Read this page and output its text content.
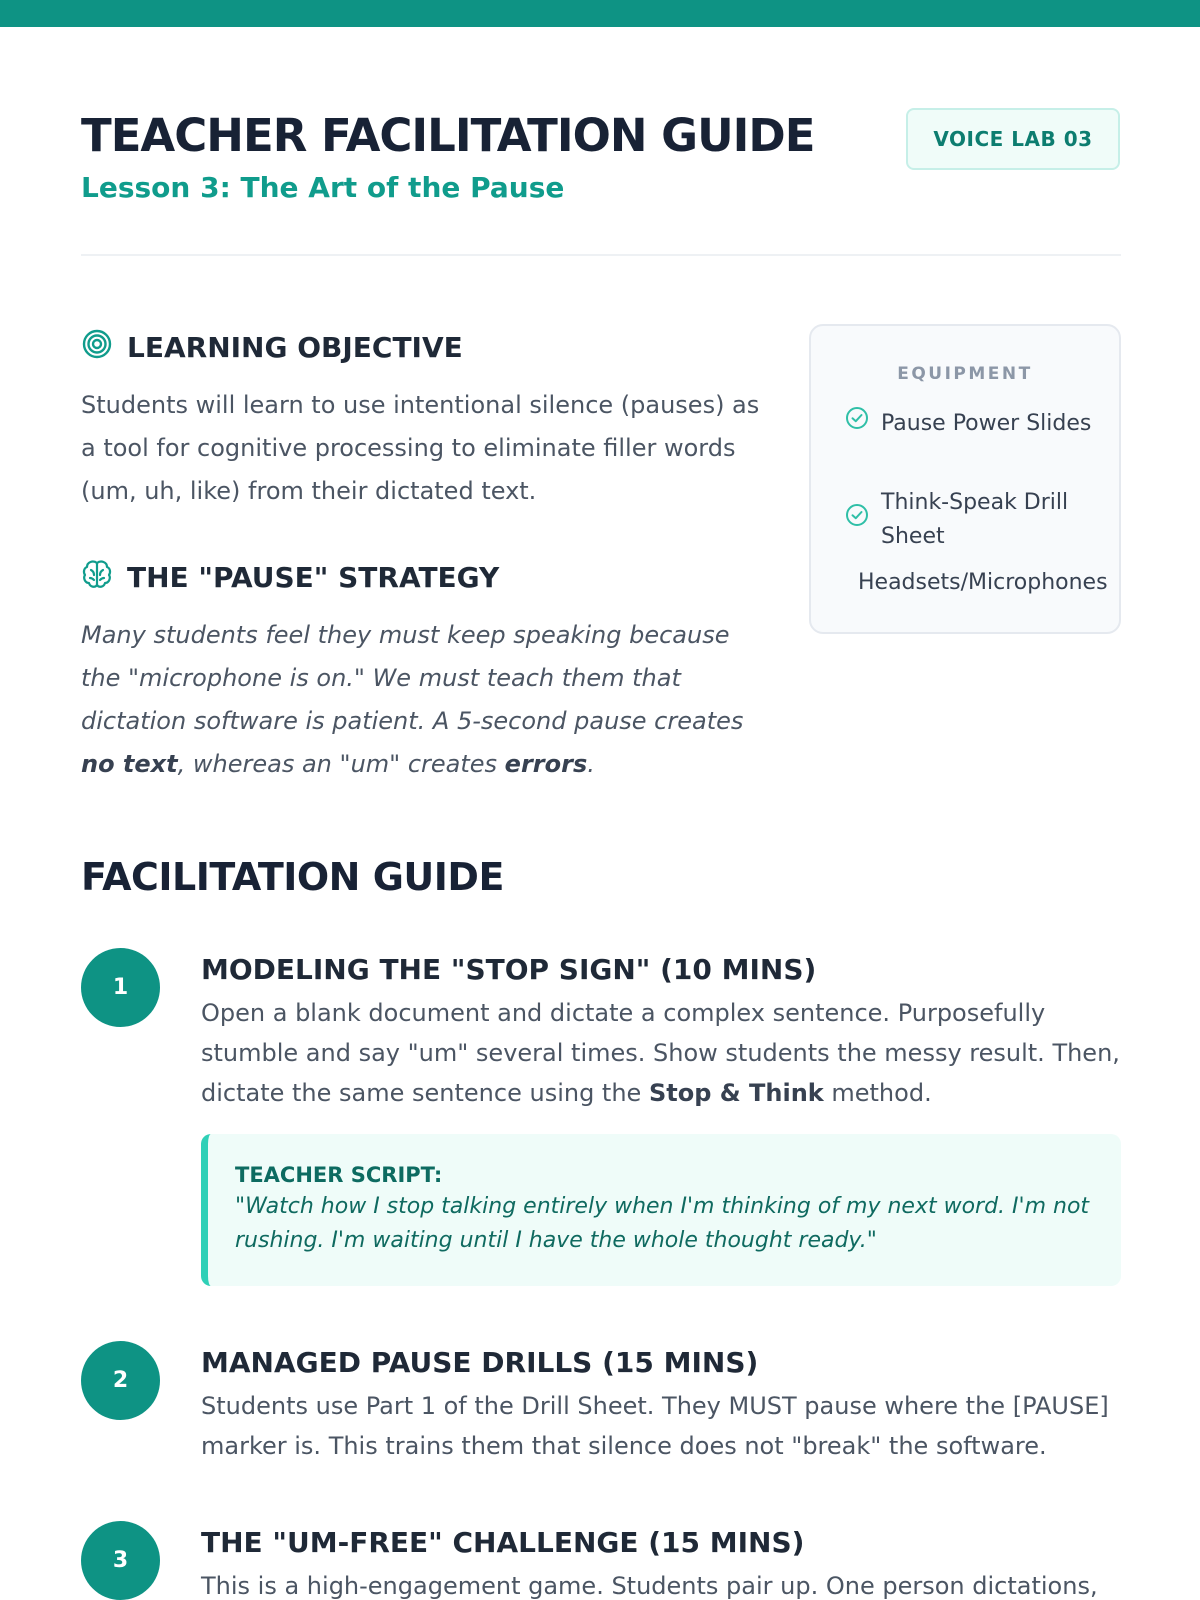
TEACHER FACILITATION GUIDE
Lesson 3: The Art of the Pause
VOICE LAB 03
LEARNING OBJECTIVE

Students will learn to use intentional silence (pauses) as a tool for cognitive processing to eliminate filler words (um, uh, like) from their dictated text.

THE "PAUSE" STRATEGY

Many students feel they must keep speaking because the "microphone is on." We must teach them that dictation software is patient. A 5-second pause creates no text, whereas an "um" creates errors.

EQUIPMENT
Pause Power Slides
Think-Speak Drill Sheet
Headsets/Microphones
FACILITATION GUIDE
1
MODELING THE "STOP SIGN" (10 MINS)

Open a blank document and dictate a complex sentence. Purposefully stumble and say "um" several times. Show students the messy result. Then, dictate the same sentence using the Stop & Think method.

TEACHER SCRIPT:
"Watch how I stop talking entirely when I'm thinking of my next word. I'm not rushing. I'm waiting until I have the whole thought ready."
2
MANAGED PAUSE DRILLS (15 MINS)

Students use Part 1 of the Drill Sheet. They MUST pause where the [PAUSE] marker is. This trains them that silence does not "break" the software.

3
THE "UM-FREE" CHALLENGE (15 MINS)

This is a high-engagement game. Students pair up. One person dictations,
